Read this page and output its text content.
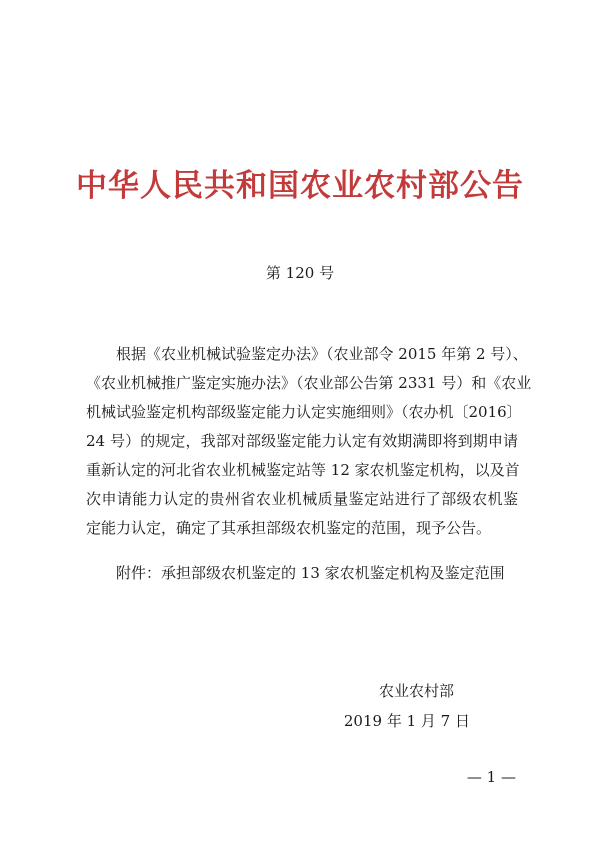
中华人民共和国农业农村部公告
第 120 号
根据《农业机械试验鉴定办法》（农业部令 2015 年第 2 号）、
《农业机械推广鉴定实施办法》（农业部公告第 2331 号）和《农业
机械试验鉴定机构部级鉴定能力认定实施细则》（农办机〔2016〕
24 号）的规定，我部对部级鉴定能力认定有效期满即将到期申请
重新认定的河北省农业机械鉴定站等 12 家农机鉴定机构，以及首
次申请能力认定的贵州省农业机械质量鉴定站进行了部级农机鉴
定能力认定，确定了其承担部级农机鉴定的范围，现予公告。
附件：承担部级农机鉴定的 13 家农机鉴定机构及鉴定范围
农业农村部
2019 年 1 月 7 日
— 1 —
